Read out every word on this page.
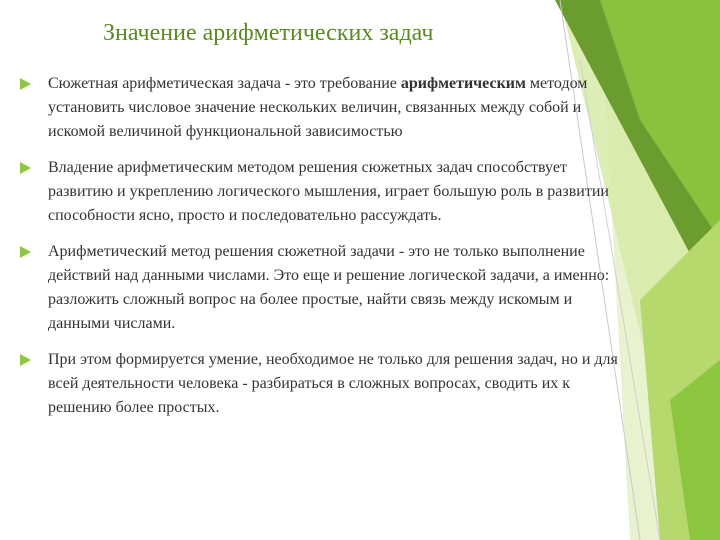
Значение арифметических задач
Сюжетная арифметическая задача - это требование арифметическим методом установить числовое значение нескольких величин, связанных между собой и искомой величиной функциональной зависимостью
Владение арифметическим методом решения сюжетных задач способствует развитию и укреплению логического мышления, играет большую роль в развитии способности ясно, просто и последовательно рассуждать.
Арифметический метод решения сюжетной задачи - это не только выполнение действий над данными числами. Это еще и решение логической задачи, а именно: разложить сложный вопрос на более простые, найти связь между искомым и данными числами.
При этом формируется умение, необходимое не только для решения задач, но и для всей деятельности человека - разбираться в сложных вопросах, сводить их к решению более простых.
